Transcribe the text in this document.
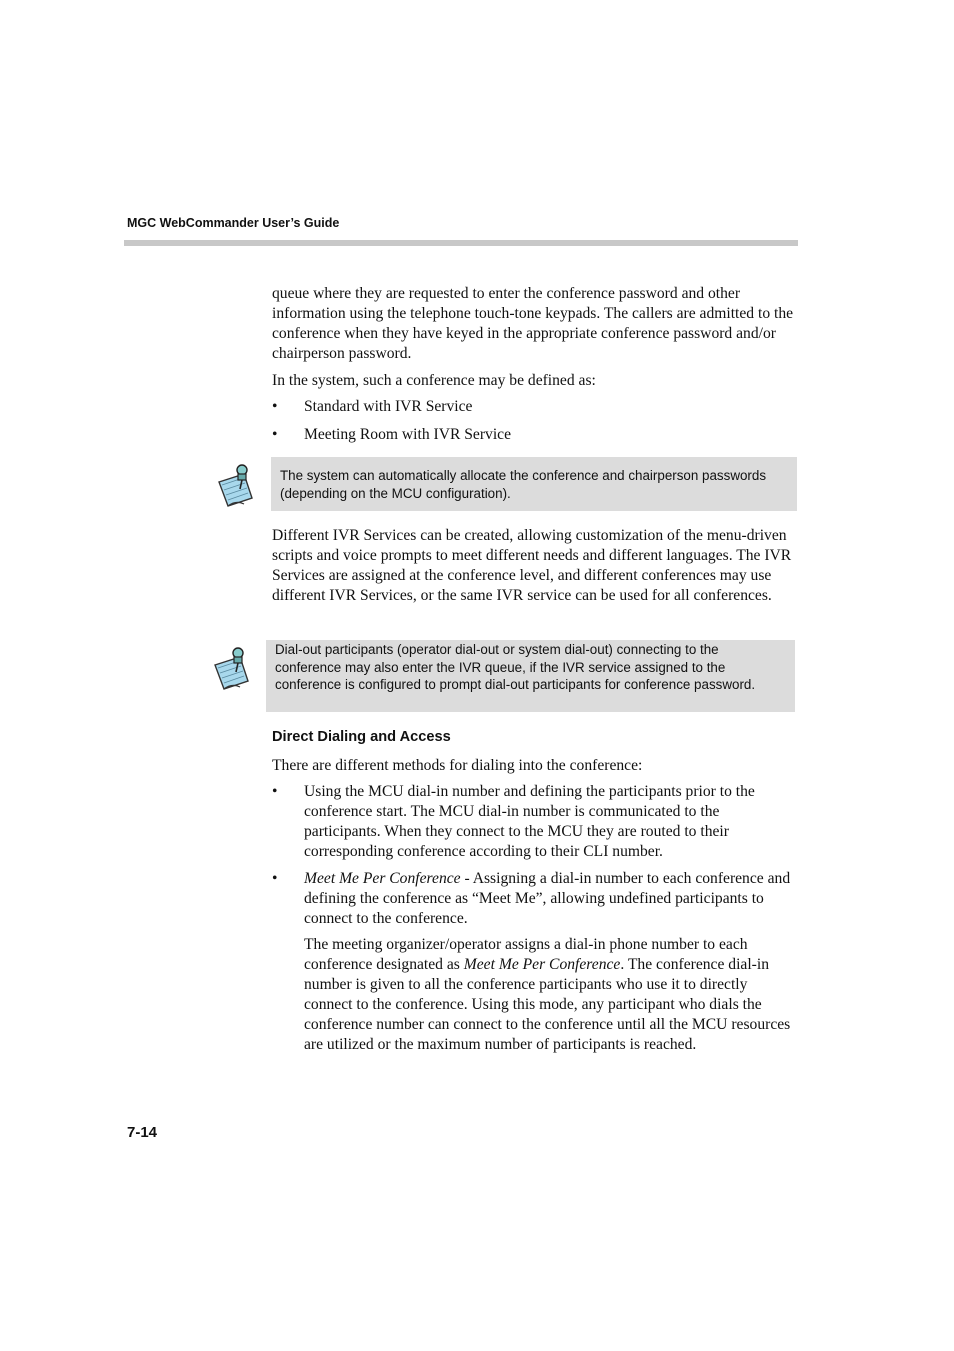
MGC WebCommander User’s Guide
queue where they are requested to enter the conference password and other information using the telephone touch-tone keypads. The callers are admitted to the conference when they have keyed in the appropriate conference password and/or chairperson password.
In the system, such a conference may be defined as:
• Standard with IVR Service
• Meeting Room with IVR Service
The system can automatically allocate the conference and chairperson passwords (depending on the MCU configuration).
Different IVR Services can be created, allowing customization of the menu-driven scripts and voice prompts to meet different needs and different languages. The IVR Services are assigned at the conference level, and different conferences may use different IVR Services, or the same IVR service can be used for all conferences.
Dial-out participants (operator dial-out or system dial-out) connecting to the conference may also enter the IVR queue, if the IVR service assigned to the conference is configured to prompt dial-out participants for conference password.
Direct Dialing and Access
There are different methods for dialing into the conference:
• Using the MCU dial-in number and defining the participants prior to the conference start. The MCU dial-in number is communicated to the participants. When they connect to the MCU they are routed to their corresponding conference according to their CLI number.
• Meet Me Per Conference - Assigning a dial-in number to each conference and defining the conference as “Meet Me”, allowing undefined participants to connect to the conference.
The meeting organizer/operator assigns a dial-in phone number to each conference designated as Meet Me Per Conference. The conference dial-in number is given to all the conference participants who use it to directly connect to the conference. Using this mode, any participant who dials the conference number can connect to the conference until all the MCU resources are utilized or the maximum number of participants is reached.
7-14
